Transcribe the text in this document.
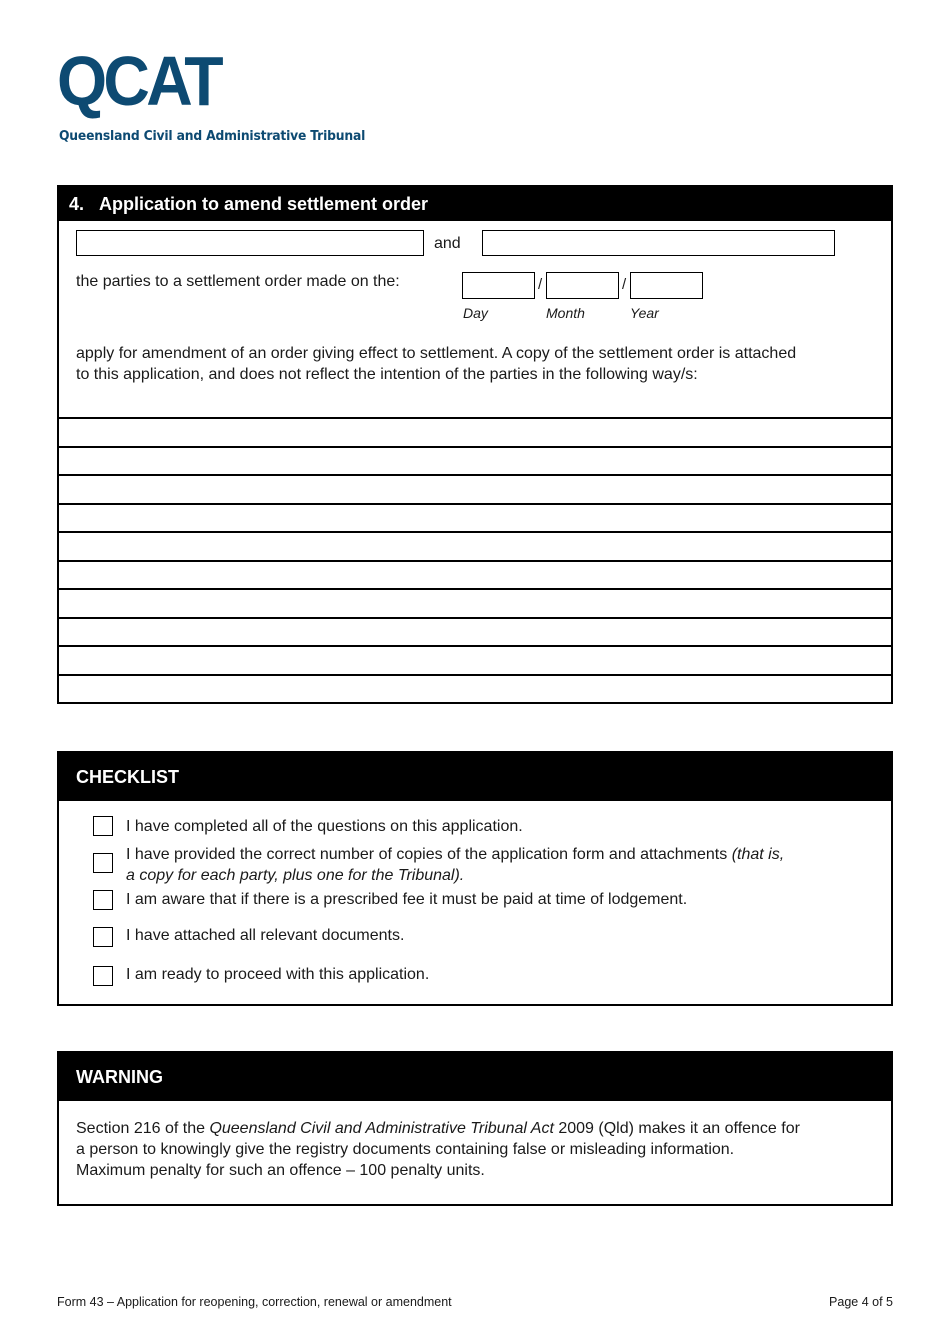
QCAT
Queensland Civil and Administrative Tribunal
4. Application to amend settlement order
and
the parties to a settlement order made on the:	/	/
Day	Month	Year
apply for amendment of an order giving effect to settlement. A copy of the settlement order is attached
to this application, and does not reflect the intention of the parties in the following way/s:
CHECKLIST
I have completed all of the questions on this application.
I have provided the correct number of copies of the application form and attachments (that is,
a copy for each party, plus one for the Tribunal).
I am aware that if there is a prescribed fee it must be paid at time of lodgement.
I have attached all relevant documents.
I am ready to proceed with this application.
WARNING
Section 216 of the Queensland Civil and Administrative Tribunal Act 2009 (Qld) makes it an offence for
a person to knowingly give the registry documents containing false or misleading information.
Maximum penalty for such an offence – 100 penalty units.
Form 43 – Application for reopening, correction, renewal or amendment	Page 4 of 5
